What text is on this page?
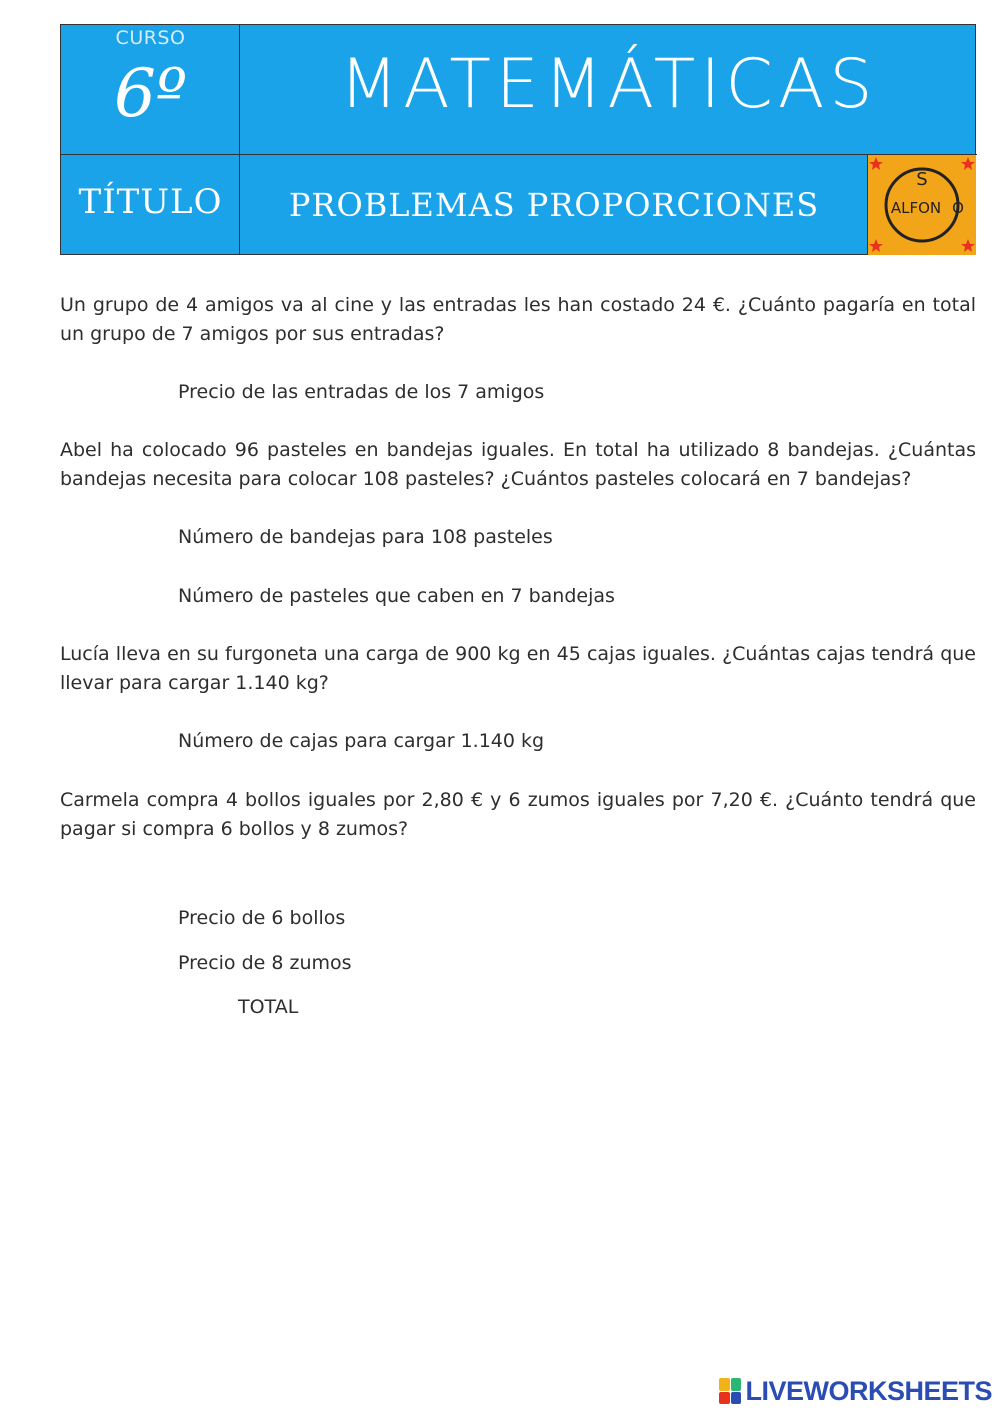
CURSO
6º	MATEMÁTICAS
TÍTULO	PROBLEMAS PROPORCIONES
S
ALFON O
Un grupo de 4 amigos va al cine y las entradas les han costado 24 €. ¿Cuánto pagaría en total un grupo de 7 amigos por sus entradas?
Precio de las entradas de los 7 amigos
Abel ha colocado 96 pasteles en bandejas iguales. En total ha utilizado 8 bandejas. ¿Cuántas bandejas necesita para colocar 108 pasteles? ¿Cuántos pasteles colocará en 7 bandejas?
Número de bandejas para 108 pasteles
Número de pasteles que caben en 7 bandejas
Lucía lleva en su furgoneta una carga de 900 kg en 45 cajas iguales. ¿Cuántas cajas tendrá que llevar para cargar 1.140 kg?
Número de cajas para cargar 1.140 kg
Carmela compra 4 bollos iguales por 2,80 € y 6 zumos iguales por 7,20 €. ¿Cuánto tendrá que pagar si compra 6 bollos y 8 zumos?
Precio de 6 bollos
Precio de 8 zumos
TOTAL
LIVEWORKSHEETS
